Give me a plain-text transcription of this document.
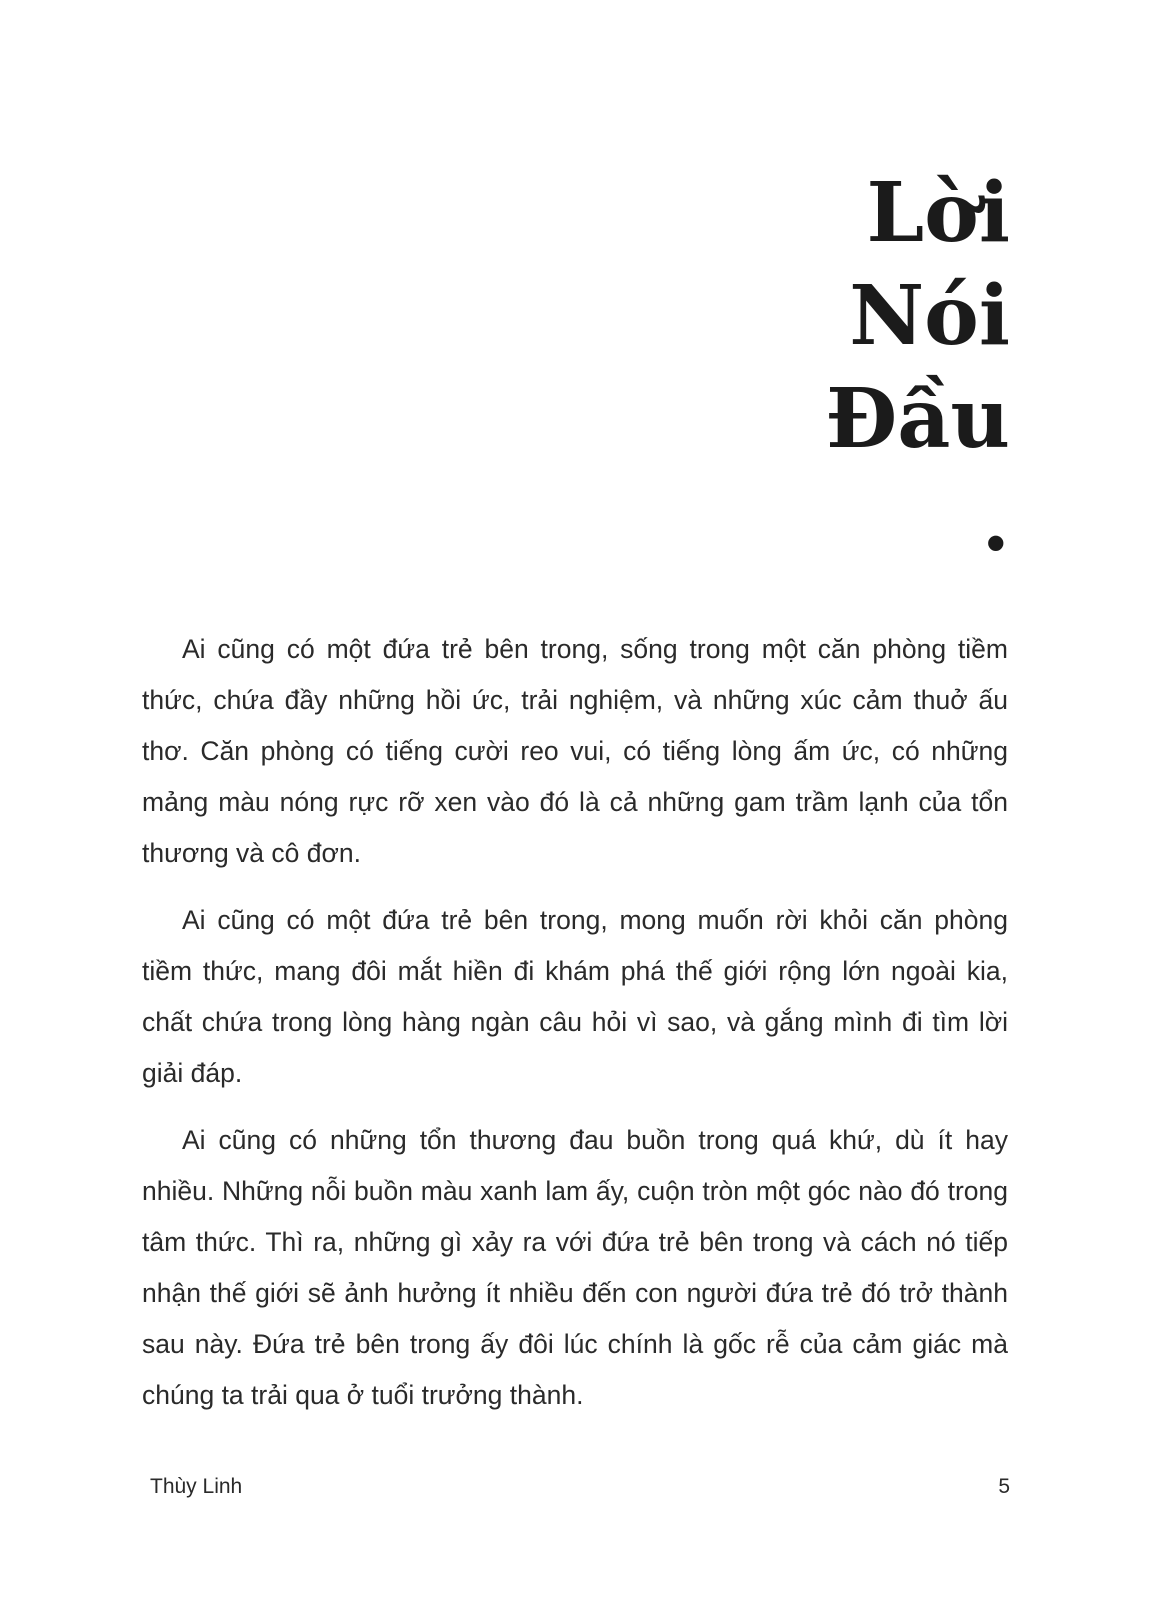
Lời
Nói
Đầu
.

Ai cũng có một đứa trẻ bên trong, sống trong một căn phòng tiềm thức, chứa đầy những hồi ức, trải nghiệm, và những xúc cảm thuở ấu thơ. Căn phòng có tiếng cười reo vui, có tiếng lòng ấm ức, có những mảng màu nóng rực rỡ xen vào đó là cả những gam trầm lạnh của tổn thương và cô đơn.

Ai cũng có một đứa trẻ bên trong, mong muốn rời khỏi căn phòng tiềm thức, mang đôi mắt hiền đi khám phá thế giới rộng lớn ngoài kia, chất chứa trong lòng hàng ngàn câu hỏi vì sao, và gắng mình đi tìm lời giải đáp.

Ai cũng có những tổn thương đau buồn trong quá khứ, dù ít hay nhiều. Những nỗi buồn màu xanh lam ấy, cuộn tròn một góc nào đó trong tâm thức. Thì ra, những gì xảy ra với đứa trẻ bên trong và cách nó tiếp nhận thế giới sẽ ảnh hưởng ít nhiều đến con người đứa trẻ đó trở thành sau này. Đứa trẻ bên trong ấy đôi lúc chính là gốc rễ của cảm giác mà chúng ta trải qua ở tuổi trưởng thành.

Thùy Linh	5
